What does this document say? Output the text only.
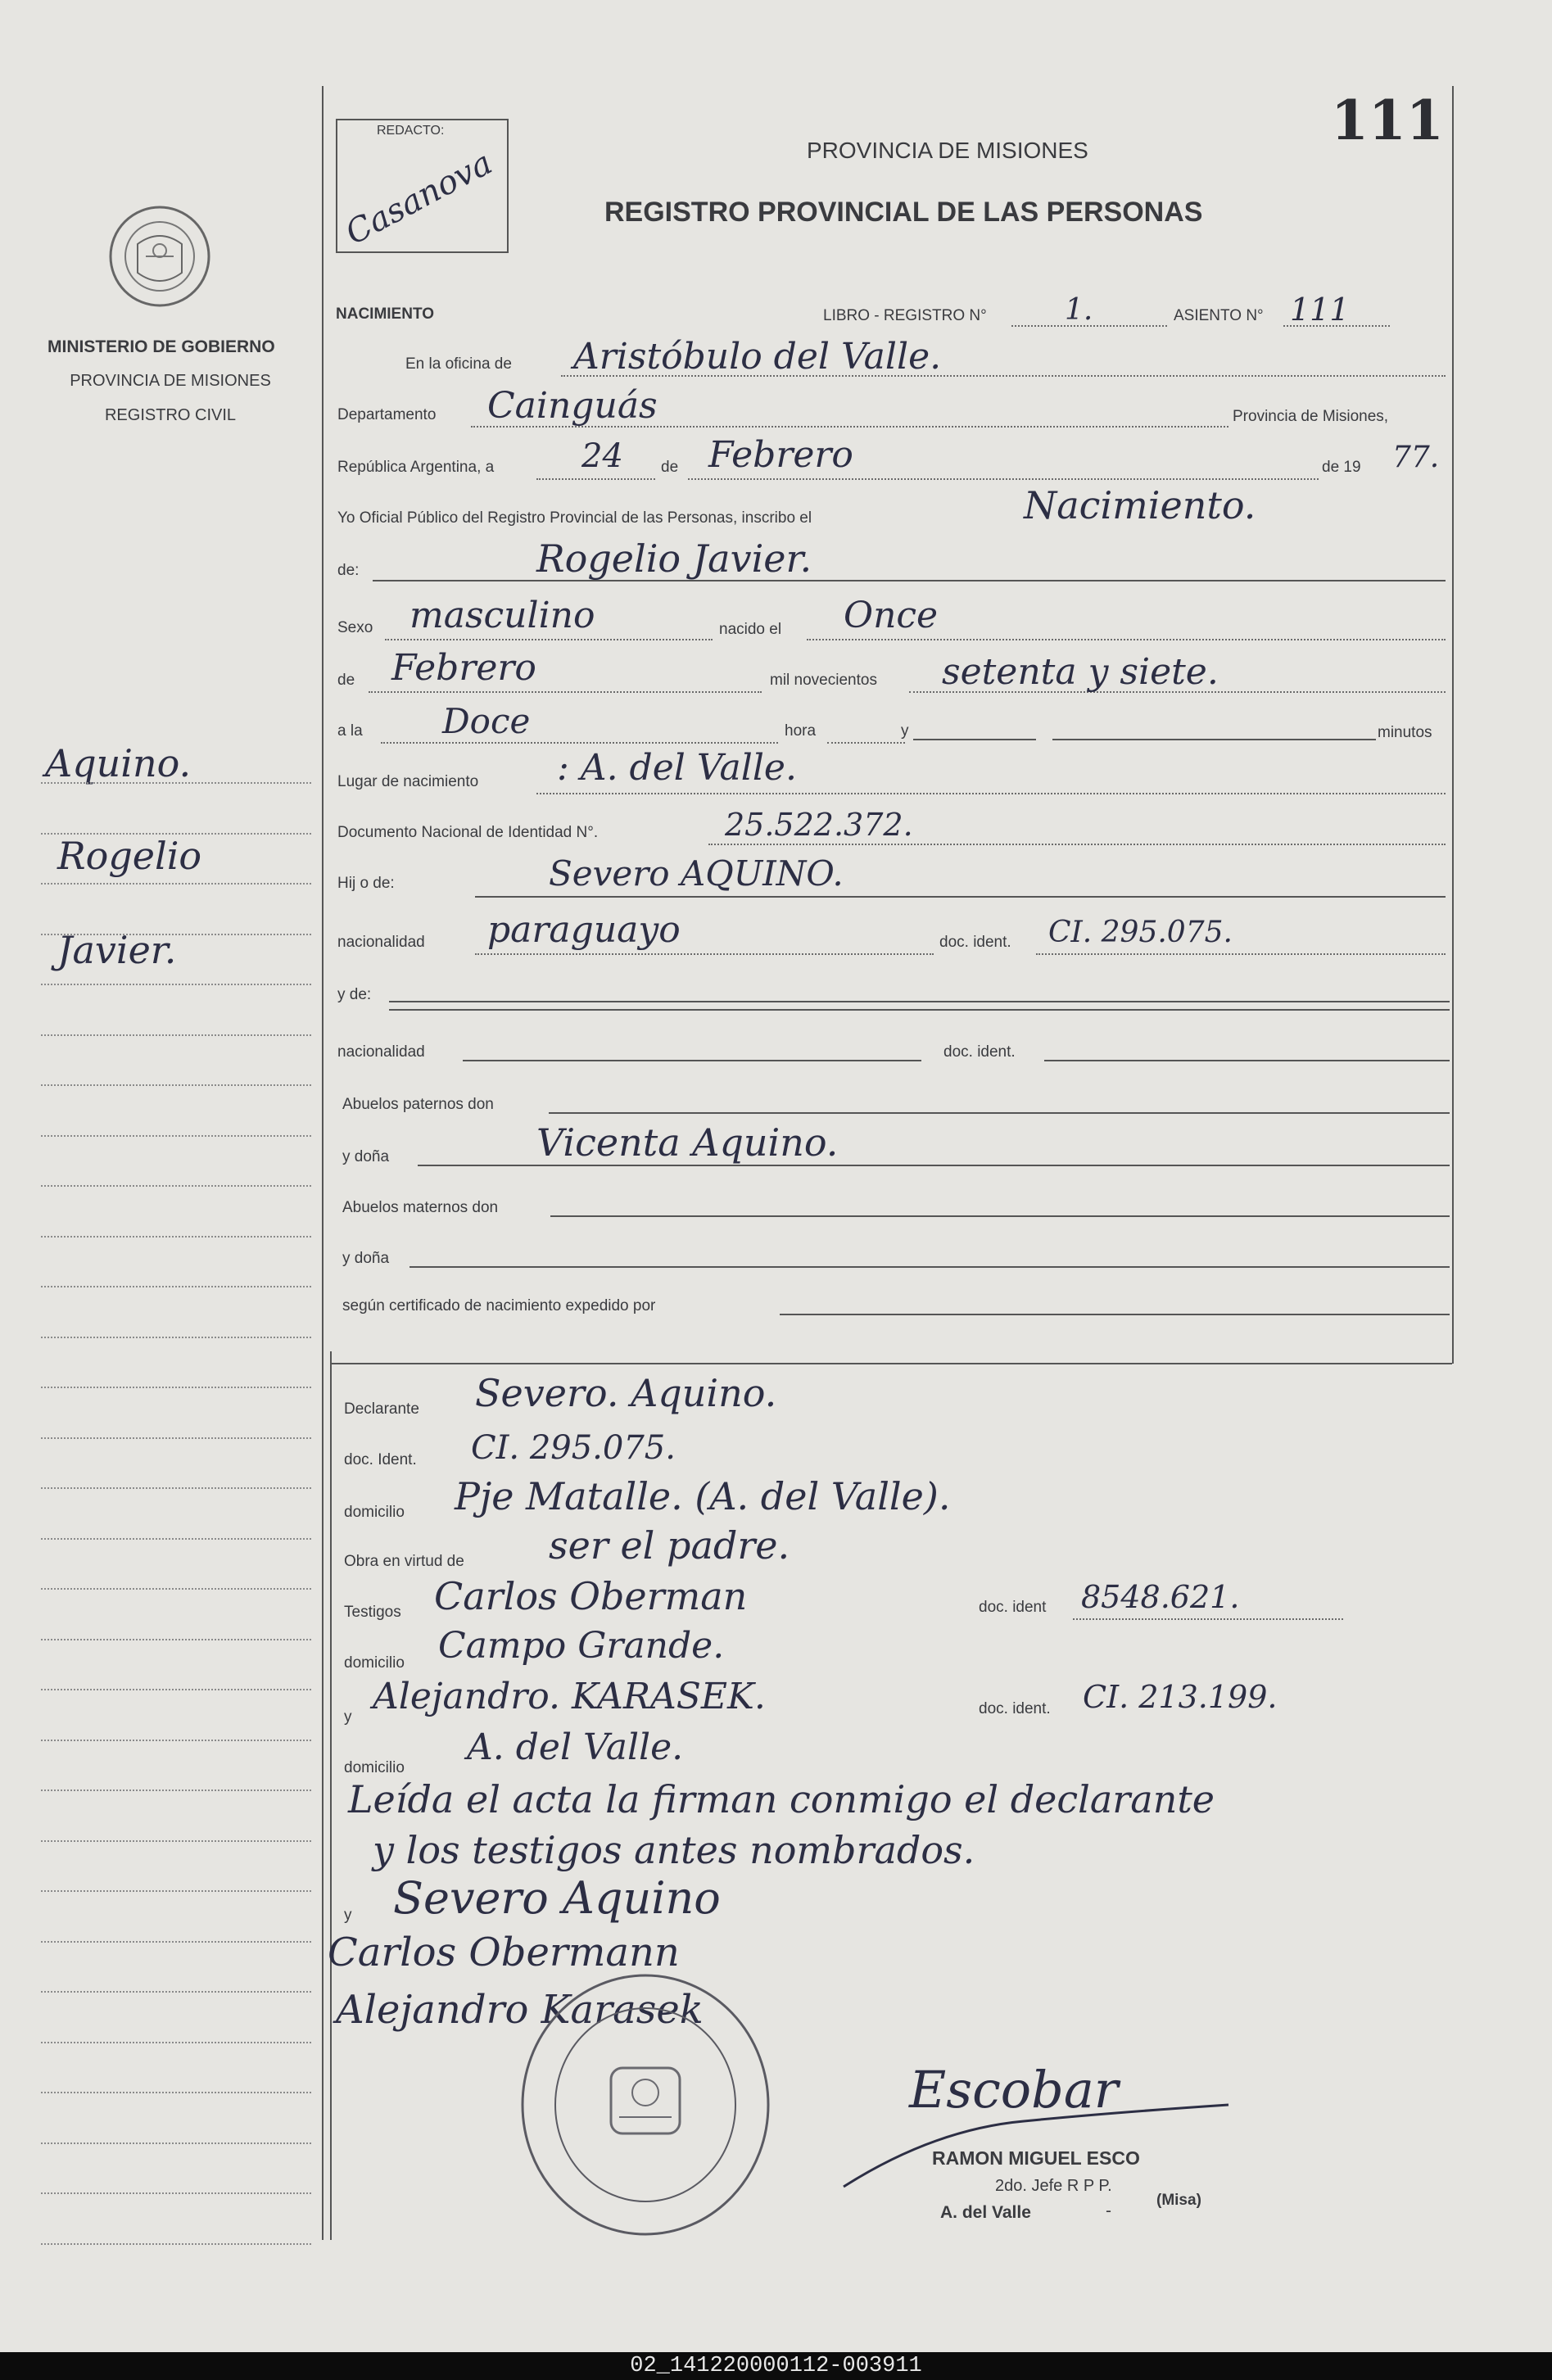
MINISTERIO DE GOBIERNO
PROVINCIA DE MISIONES
REGISTRO CIVIL
Aquino.
Rogelio
Javier.
REDACTO:
Casanova
111
PROVINCIA DE MISIONES
REGISTRO PROVINCIAL DE LAS PERSONAS
NACIMIENTO	LIBRO - REGISTRO N°	1.	ASIENTO N° 111
En la oficina de Aristóbulo del Valle.
Departamento Cainguás	Provincia de Misiones,
República Argentina, a	24 de Febrero	de 19 77.
Yo Oficial Público del Registro Provincial de las Personas, inscribo el	Nacimiento.
de:	Rogelio Javier.
Sexo masculino	nacido el Once
de Febrero	mil novecientos setenta y siete.
a la Doce	hora	y	minutos
Lugar de nacimiento : A. del Valle.
Documento Nacional de Identidad N°.	25.522.372.
Hij o de:	Severo AQUINO.
nacionalidad paraguayo	doc. ident. CI. 295.075.
y de:
nacionalidad	doc. ident.
Abuelos paternos don
y doña	Vicenta Aquino.
Abuelos maternos don
y doña
según certificado de nacimiento expedido por
Declarante Severo. Aquino.
doc. Ident. CI. 295.075.
domicilio Pje Matalle. (A. del Valle).
Obra en virtud de ser el padre.
Testigos Carlos Oberman	doc. ident 8548.621.
domicilio Campo Grande.
y Alejandro. KARASEK.	doc. ident. CI. 213.199.
domicilio A. del Valle.
Leída el acta la firman conmigo el declarante
y los testigos antes nombrados.
y Severo Aquino
Carlos Obermann
Alejandro Karasek
Escobar
RAMON MIGUEL ESCO
2do. Jefe R P P.
A. del Valle	-
(Misa)
02_141220000112-003911
